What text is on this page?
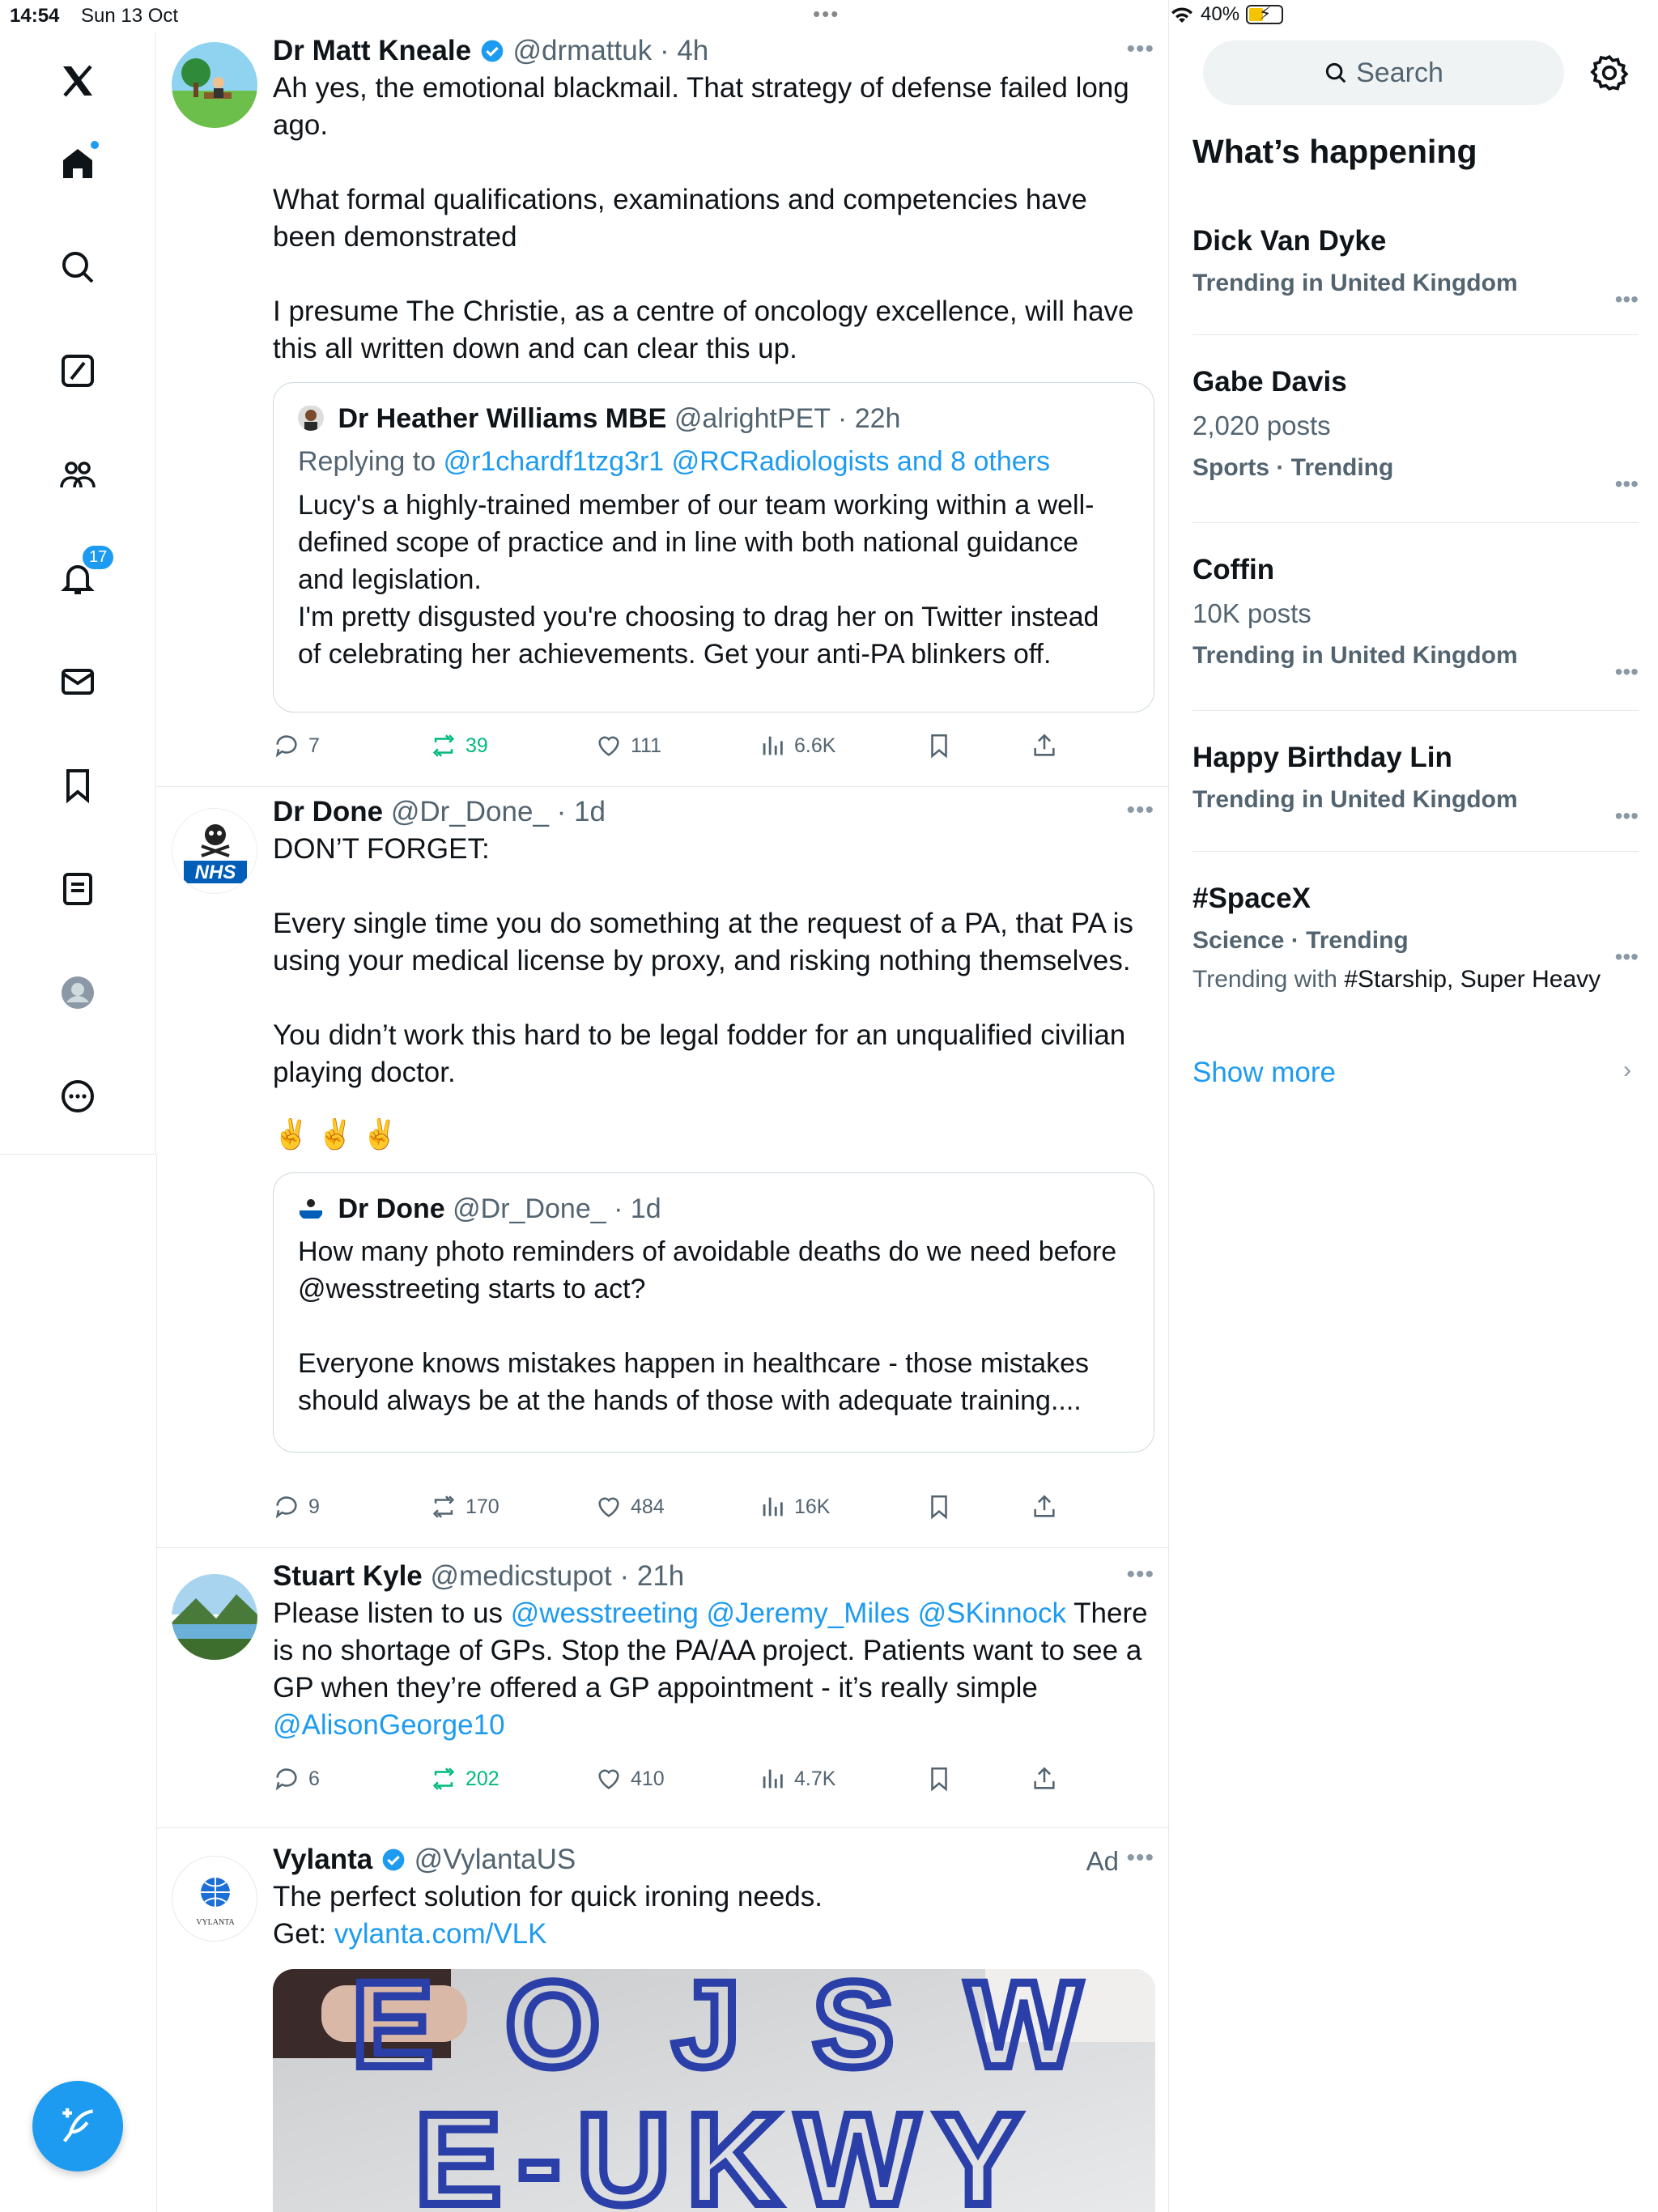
14:54 Sun 13 Oct	•••	40% ⚡
17
•••
Dr Matt Kneale @drmattuk · 4h
Ah yes, the emotional blackmail. That strategy of defense failed long ago.

What formal qualifications, examinations and competencies have been demonstrated

I presume The Christie, as a centre of oncology excellence, will have this all written down and can clear this up.
Dr Heather Williams MBE @alrightPET · 22h
Replying to @r1chardf1tzg3r1 @RCRadiologists and 8 others
Lucy's a highly-trained member of our team working within a well-defined scope of practice and in line with both national guidance and legislation.
I'm pretty disgusted you're choosing to drag her on Twitter instead of celebrating her achievements. Get your anti-PA blinkers off.
7	39	111	6.6K
NHS
•••
Dr Done @Dr_Done_ · 1d
DON’T FORGET:

Every single time you do something at the request of a PA, that PA is using your medical license by proxy, and risking nothing themselves.

You didn’t work this hard to be legal fodder for an unqualified civilian playing doctor.
✌️ ✌️ ✌️
Dr Done @Dr_Done_ · 1d
How many photo reminders of avoidable deaths do we need before @wesstreeting starts to act?

Everyone knows mistakes happen in healthcare - those mistakes should always be at the hands of those with adequate training....
9	170	484	16K
•••
Stuart Kyle @medicstupot · 21h
Please listen to us @wesstreeting @Jeremy_Miles @SKinnock There is no shortage of GPs. Stop the PA/AA project. Patients want to see a GP when they’re offered a GP appointment - it’s really simple
@AlisonGeorge10
6	202	410	4.7K
VYLANTA
Ad •••
Vylanta @VylantaUS
The perfect solution for quick ironing needs.
Get: vylanta.com/VLK
E O J S W
E-UKWY
Search
What’s happening
Dick Van Dyke
Trending in United Kingdom
•••
Gabe Davis
2,020 posts
Sports · Trending
•••
Coffin
10K posts
Trending in United Kingdom
•••
Happy Birthday Lin
Trending in United Kingdom
•••
#SpaceX
Science · Trending
Trending with #Starship, Super Heavy
•••
Show more	›
